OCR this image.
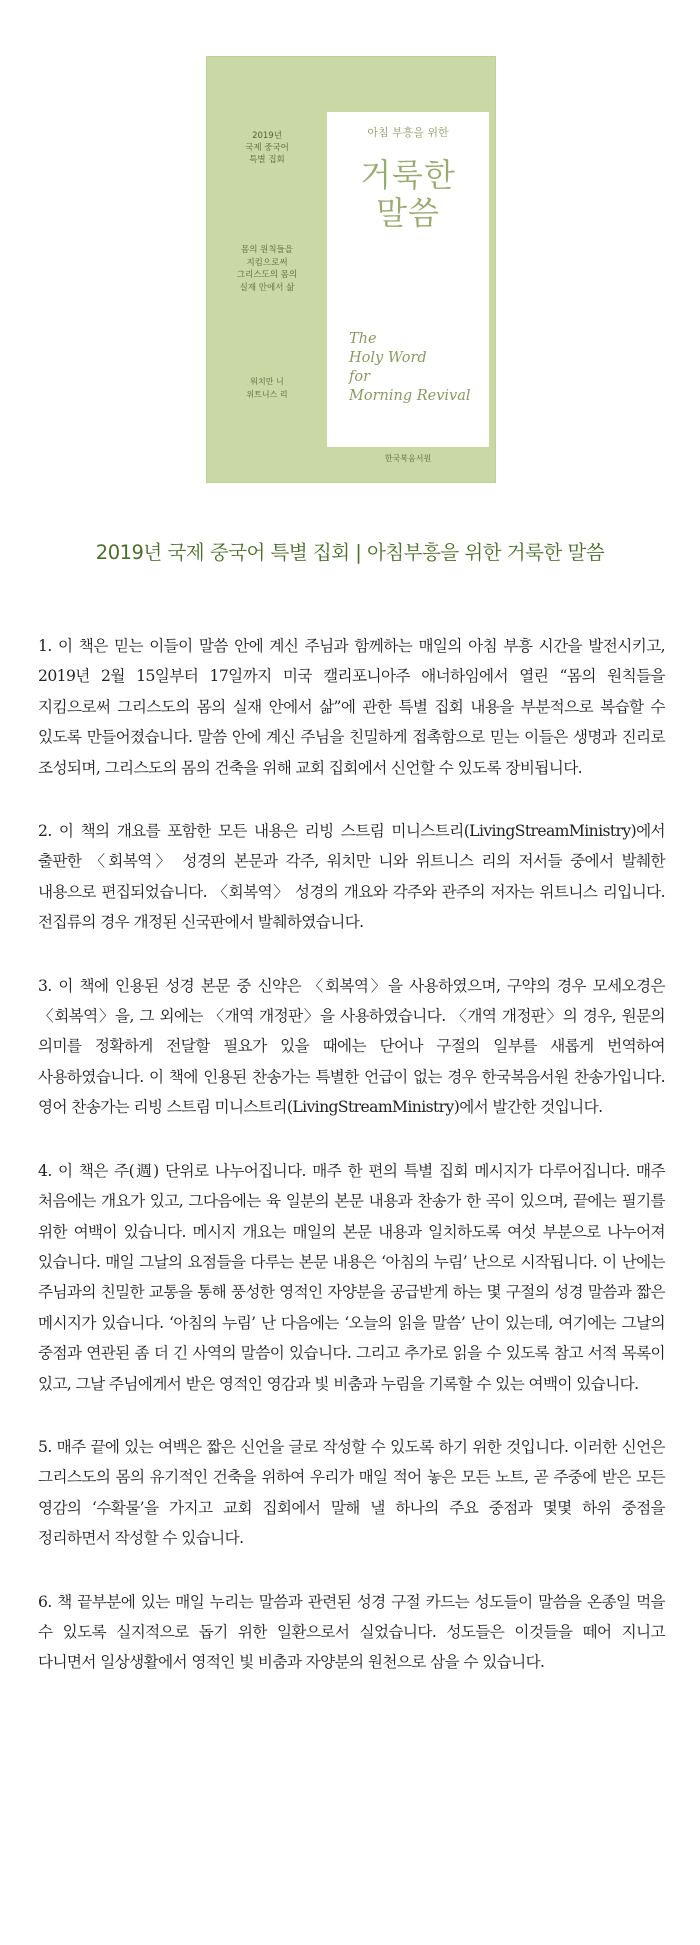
2019년
국제 중국어
특별 집회
몸의 원칙들을
지킴으로써
그리스도의 몸의
실재 안에서 삶
워치만 니
위트니스 리
아침 부흥을 위한
거룩한
말씀
The
Holy Word
for
Morning Revival
한국복음서원
2019년 국제 중국어 특별 집회 | 아침부흥을 위한 거룩한 말씀

1. 이 책은 믿는 이들이 말씀 안에 계신 주님과 함께하는 매일의 아침 부흥 시간을 발전시키고, 2019년 2월 15일부터 17일까지 미국 캘리포니아주 애너하임에서 열린 “몸의 원칙들을 지킴으로써 그리스도의 몸의 실재 안에서 삶”에 관한 특별 집회 내용을 부분적으로 복습할 수 있도록 만들어졌습니다. 말씀 안에 계신 주님을 친밀하게 접촉함으로 믿는 이들은 생명과 진리로 조성되며, 그리스도의 몸의 건축을 위해 교회 집회에서 신언할 수 있도록 장비됩니다.

2. 이 책의 개요를 포함한 모든 내용은 리빙 스트림 미니스트리(LivingStreamMinistry)에서 출판한 〈회복역〉 성경의 본문과 각주, 워치만 니와 위트니스 리의 저서들 중에서 발췌한 내용으로 편집되었습니다. 〈회복역〉 성경의 개요와 각주와 관주의 저자는 위트니스 리입니다. 전집류의 경우 개정된 신국판에서 발췌하였습니다.

3. 이 책에 인용된 성경 본문 중 신약은 〈회복역〉을 사용하였으며, 구약의 경우 모세오경은 〈회복역〉을, 그 외에는 〈개역 개정판〉을 사용하였습니다. 〈개역 개정판〉의 경우, 원문의 의미를 정확하게 전달할 필요가 있을 때에는 단어나 구절의 일부를 새롭게 번역하여 사용하였습니다. 이 책에 인용된 찬송가는 특별한 언급이 없는 경우 한국복음서원 찬송가입니다. 영어 찬송가는 리빙 스트림 미니스트리(LivingStreamMinistry)에서 발간한 것입니다.

4. 이 책은 주(週) 단위로 나누어집니다. 매주 한 편의 특별 집회 메시지가 다루어집니다. 매주 처음에는 개요가 있고, 그다음에는 육 일분의 본문 내용과 찬송가 한 곡이 있으며, 끝에는 필기를 위한 여백이 있습니다. 메시지 개요는 매일의 본문 내용과 일치하도록 여섯 부분으로 나누어져 있습니다. 매일 그날의 요점들을 다루는 본문 내용은 ‘아침의 누림’ 난으로 시작됩니다. 이 난에는 주님과의 친밀한 교통을 통해 풍성한 영적인 자양분을 공급받게 하는 몇 구절의 성경 말씀과 짧은 메시지가 있습니다. ‘아침의 누림’ 난 다음에는 ‘오늘의 읽을 말씀’ 난이 있는데, 여기에는 그날의 중점과 연관된 좀 더 긴 사역의 말씀이 있습니다. 그리고 추가로 읽을 수 있도록 참고 서적 목록이 있고, 그날 주님에게서 받은 영적인 영감과 빛 비춤과 누림을 기록할 수 있는 여백이 있습니다.

5. 매주 끝에 있는 여백은 짧은 신언을 글로 작성할 수 있도록 하기 위한 것입니다. 이러한 신언은 그리스도의 몸의 유기적인 건축을 위하여 우리가 매일 적어 놓은 모든 노트, 곧 주중에 받은 모든 영감의 ‘수확물’을 가지고 교회 집회에서 말해 낼 하나의 주요 중점과 몇몇 하위 중점을 정리하면서 작성할 수 있습니다.

6. 책 끝부분에 있는 매일 누리는 말씀과 관련된 성경 구절 카드는 성도들이 말씀을 온종일 먹을 수 있도록 실지적으로 돕기 위한 일환으로서 실었습니다. 성도들은 이것들을 떼어 지니고 다니면서 일상생활에서 영적인 빛 비춤과 자양분의 원천으로 삼을 수 있습니다.
